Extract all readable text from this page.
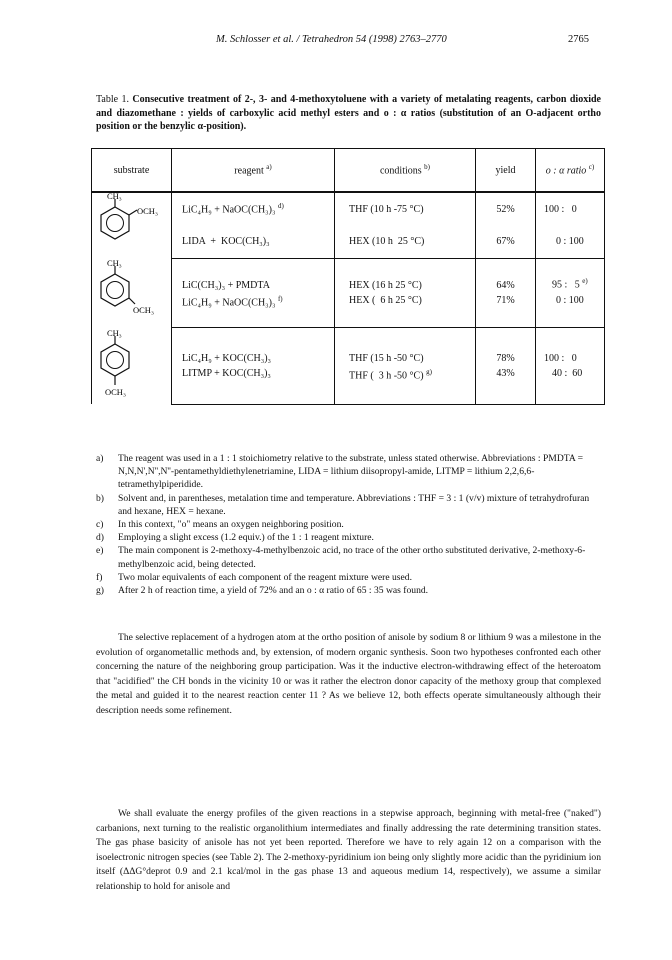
M. Schlosser et al. / Tetrahedron 54 (1998) 2763–2770	2765
Table 1. Consecutive treatment of 2-, 3- and 4-methoxytoluene with a variety of metalating reagents, carbon dioxide and diazomethane : yields of carboxylic acid methyl esters and o : α ratios (substitution of an O-adjacent ortho position or the benzylic α-position).
substrate	reagent $^{a)}$	conditions $^{b)}$	yield	o : α ratio $^{c)}$

CH₃
OCH₃	LiC₄H₉ + NaOC(CH₃)₃ $^{d)}$	THF (10 h -75 °C)	52%	100 :   0
	LIDA  +  KOC(CH₃)₃	HEX (10 h  25 °C)	67%	0 : 100

CH₃
OCH₃	LiC(CH₃)₃ + PMDTA	HEX (16 h 25 °C)	64%	95 :   5 $^{e)}$
	LiC₄H₉ + NaOC(CH₃)₃ $^{f)}$	HEX (  6 h 25 °C)	71%	0 : 100

CH₃
OCH₃	LiC₄H₉ + KOC(CH₃)₃	THF (15 h -50 °C)	78%	100 :   0
	LITMP + KOC(CH₃)₃	THF (  3 h -50 °C) $^{g)}$	43%	40 :  60
a) The reagent was used in a 1 : 1 stoichiometry relative to the substrate, unless stated otherwise. Abbreviations : PMDTA = N,N,N',N'',N''-pentamethyldiethylenetriamine, LIDA = lithium diisopropyl-amide, LITMP = lithium 2,2,6,6-tetramethylpiperidide.
b) Solvent and, in parentheses, metalation time and temperature. Abbreviations : THF = 3 : 1 (v/v) mixture of tetrahydrofuran and hexane, HEX = hexane.
c) In this context, "o" means an oxygen neighboring position.
d) Employing a slight excess (1.2 equiv.) of the 1 : 1 reagent mixture.
e) The main component is 2-methoxy-4-methylbenzoic acid, no trace of the other ortho substituted derivative, 2-methoxy-6-methylbenzoic acid, being detected.
f) Two molar equivalents of each component of the reagent mixture were used.
g) After 2 h of reaction time, a yield of 72% and an o : α ratio of 65 : 35 was found.

The selective replacement of a hydrogen atom at the ortho position of anisole by sodium 8 or lithium 9 was a milestone in the evolution of organometallic methods and, by extension, of modern organic synthesis. Soon two hypotheses confronted each other concerning the nature of the neighboring group participation. Was it the inductive electron-withdrawing effect of the heteroatom that "acidified" the CH bonds in the vicinity 10 or was it rather the electron donor capacity of the methoxy group that complexed the metal and guided it to the nearest reaction center 11 ? As we believe 12, both effects operate simultaneously although their description needs some refinement.

We shall evaluate the energy profiles of the given reactions in a stepwise approach, beginning with metal-free ("naked") carbanions, next turning to the realistic organolithium intermediates and finally addressing the rate determining transition states. The gas phase basicity of anisole has not yet been reported. Therefore we have to rely again 12 on a comparison with the isoelectronic nitrogen species (see Table 2). The 2-methoxy-pyridinium ion being only slightly more acidic than the pyridinium ion itself (ΔΔG°deprot 0.9 and 2.1 kcal/mol in the gas phase 13 and aqueous medium 14, respectively), we assume a similar relationship to hold for anisole and
